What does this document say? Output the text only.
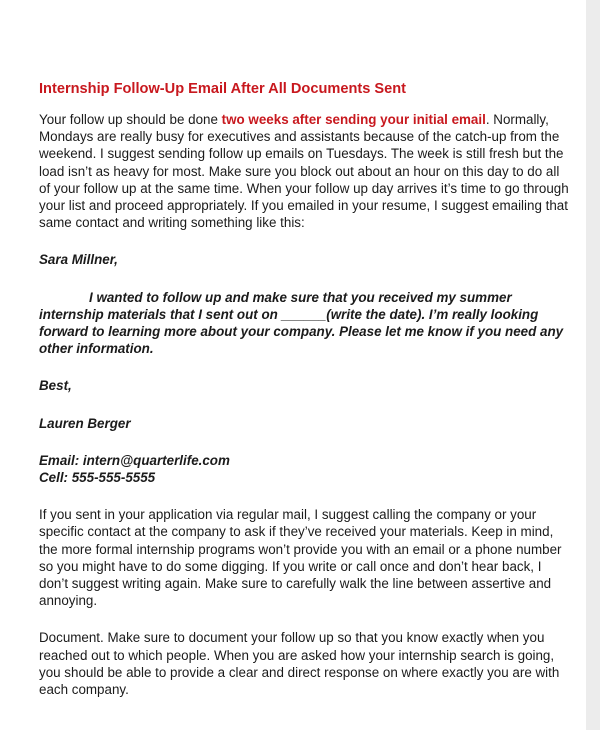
Internship Follow-Up Email After All Documents Sent

Your follow up should be done two weeks after sending your initial email. Normally, Mondays are really busy for executives and assistants because of the catch-up from the weekend. I suggest sending follow up emails on Tuesdays. The week is still fresh but the load isn’t as heavy for most. Make sure you block out about an hour on this day to do all of your follow up at the same time. When your follow up day arrives it’s time to go through your list and proceed appropriately. If you emailed in your resume, I suggest emailing that same contact and writing something like this:

Sara Millner,

I wanted to follow up and make sure that you received my summer internship materials that I sent out on ______(write the date). I’m really looking forward to learning more about your company. Please let me know if you need any other information.

Best,

Lauren Berger

Email: intern@quarterlife.com

Cell: 555-555-5555

If you sent in your application via regular mail, I suggest calling the company or your specific contact at the company to ask if they’ve received your materials. Keep in mind, the more formal internship programs won’t provide you with an email or a phone number so you might have to do some digging. If you write or call once and don’t hear back, I don’t suggest writing again. Make sure to carefully walk the line between assertive and annoying.

Document. Make sure to document your follow up so that you know exactly when you reached out to which people. When you are asked how your internship search is going, you should be able to provide a clear and direct response on where exactly you are with each company.
